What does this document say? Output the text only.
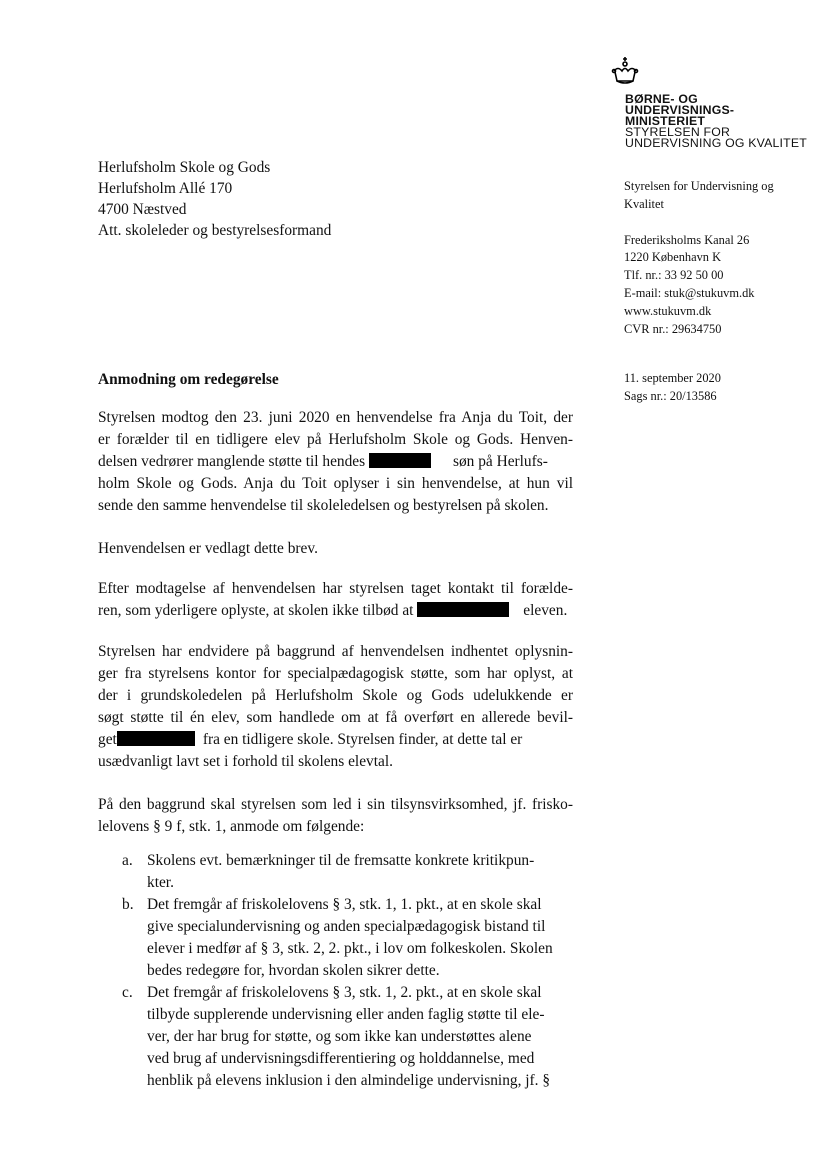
BØRNE- OG
UNDERVISNINGS-
MINISTERIET
STYRELSEN FOR
UNDERVISNING OG KVALITET
Herlufsholm Skole og Gods
Herlufsholm Allé 170
4700 Næstved
Att. skoleleder og bestyrelsesformand
Styrelsen for Undervisning og
Kvalitet
Frederiksholms Kanal 26
1220 København K
Tlf. nr.: 33 92 50 00
E-mail: stuk@stukuvm.dk
www.stukuvm.dk
CVR nr.: 29634750
11. september 2020
Sags nr.: 20/13586
Anmodning om redegørelse
Styrelsen modtog den 23. juni 2020 en henvendelse fra Anja du Toit, der
er forælder til en tidligere elev på Herlufsholm Skole og Gods. Henven-
delsen vedrører manglende støtte til hendes	søn på Herlufs-
holm Skole og Gods. Anja du Toit oplyser i sin henvendelse, at hun vil
sende den samme henvendelse til skoleledelsen og bestyrelsen på skolen.
Henvendelsen er vedlagt dette brev.
Efter modtagelse af henvendelsen har styrelsen taget kontakt til forælde-
ren, som yderligere oplyste, at skolen ikke tilbød at	eleven.
Styrelsen har endvidere på baggrund af henvendelsen indhentet oplysnin-
ger fra styrelsens kontor for specialpædagogisk støtte, som har oplyst, at
der i grundskoledelen på Herlufsholm Skole og Gods udelukkende er
søgt støtte til én elev, som handlede om at få overført en allerede bevil-
get	fra en tidligere skole. Styrelsen finder, at dette tal er
usædvanligt lavt set i forhold til skolens elevtal.
På den baggrund skal styrelsen som led i sin tilsynsvirksomhed, jf. frisko-
lelovens § 9 f, stk. 1, anmode om følgende:
a. Skolens evt. bemærkninger til de fremsatte konkrete kritikpun-
kter.
b. Det fremgår af friskolelovens § 3, stk. 1, 1. pkt., at en skole skal
give specialundervisning og anden specialpædagogisk bistand til
elever i medfør af § 3, stk. 2, 2. pkt., i lov om folkeskolen. Skolen
bedes redegøre for, hvordan skolen sikrer dette.
c. Det fremgår af friskolelovens § 3, stk. 1, 2. pkt., at en skole skal
tilbyde supplerende undervisning eller anden faglig støtte til ele-
ver, der har brug for støtte, og som ikke kan understøttes alene
ved brug af undervisningsdifferentiering og holddannelse, med
henblik på elevens inklusion i den almindelige undervisning, jf. §
